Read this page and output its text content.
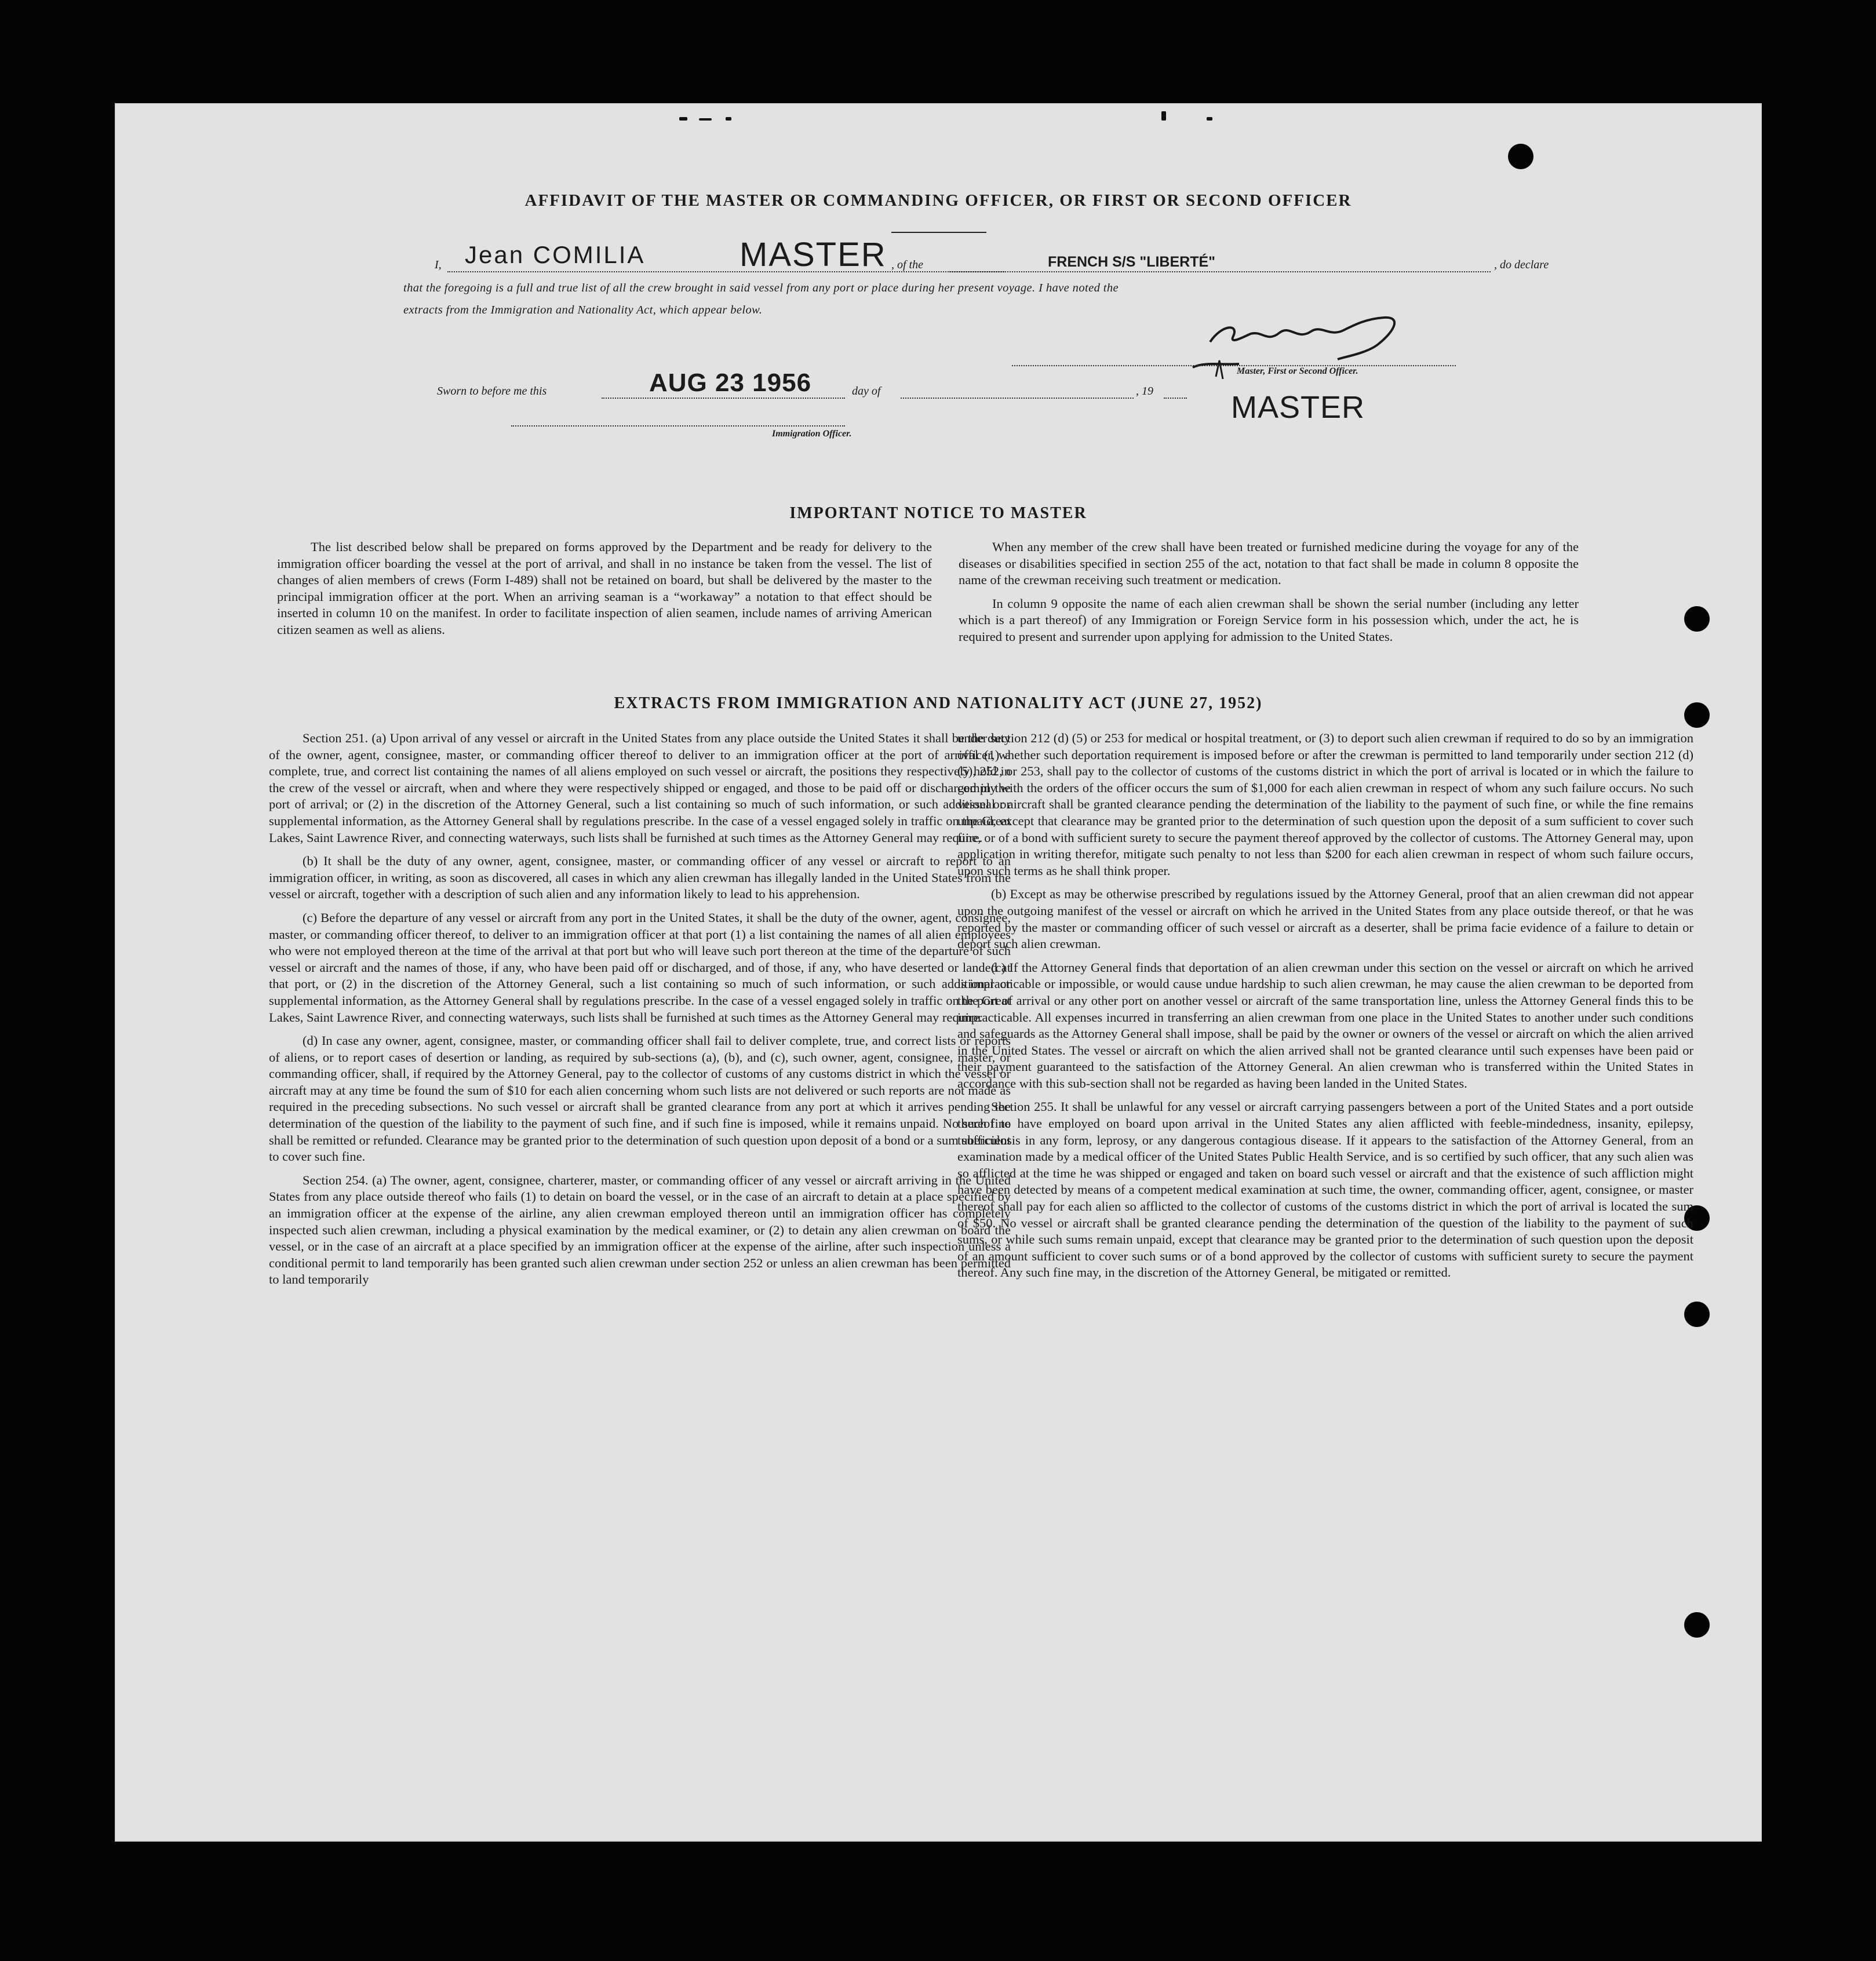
AFFIDAVIT OF THE MASTER OR COMMANDING OFFICER, OR FIRST OR SECOND OFFICER
I, Jean COMILIA	MASTER , of the	FRENCH S/S "LIBERTÉ"	, do declare
that the foregoing is a full and true list of all the crew brought in said vessel from any port or place during her present voyage. I have noted the
extracts from the Immigration and Nationality Act, which appear below.
Master, First or Second Officer.
Sworn to before me this	AUG 23 1956	day of	, 19 MASTER
Immigration Officer.
IMPORTANT NOTICE TO MASTER

The list described below shall be prepared on forms approved by the Department and be ready for delivery to the immigration officer boarding the vessel at the port of arrival, and shall in no instance be taken from the vessel. The list of changes of alien members of crews (Form I-489) shall not be retained on board, but shall be delivered by the master to the principal immigration officer at the port. When an arriving seaman is a “workaway” a notation to that effect should be inserted in column 10 on the manifest. In order to facilitate inspection of alien seamen, include names of arriving American citizen seamen as well as aliens.

When any member of the crew shall have been treated or furnished medicine during the voyage for any of the diseases or disabilities specified in section 255 of the act, notation to that fact shall be made in column 8 opposite the name of the crewman receiving such treatment or medication.

In column 9 opposite the name of each alien crewman shall be shown the serial number (including any letter which is a part thereof) of any Immigration or Foreign Service form in his possession which, under the act, he is required to present and surrender upon applying for admission to the United States.

EXTRACTS FROM IMMIGRATION AND NATIONALITY ACT (JUNE 27, 1952)

Section 251. (a) Upon arrival of any vessel or aircraft in the United States from any place outside the United States it shall be the duty of the owner, agent, consignee, master, or commanding officer thereof to deliver to an immigration officer at the port of arrival (1) a complete, true, and correct list containing the names of all aliens employed on such vessel or aircraft, the positions they respectively hold in the crew of the vessel or aircraft, when and where they were respectively shipped or engaged, and those to be paid off or discharged in the port of arrival; or (2) in the discretion of the Attorney General, such a list containing so much of such information, or such additional or supplemental information, as the Attorney General shall by regulations prescribe. In the case of a vessel engaged solely in traffic on the Great Lakes, Saint Lawrence River, and connecting waterways, such lists shall be furnished at such times as the Attorney General may require.

(b) It shall be the duty of any owner, agent, consignee, master, or commanding officer of any vessel or aircraft to report to an immigration officer, in writing, as soon as discovered, all cases in which any alien crewman has illegally landed in the United States from the vessel or aircraft, together with a description of such alien and any information likely to lead to his apprehension.

(c) Before the departure of any vessel or aircraft from any port in the United States, it shall be the duty of the owner, agent, consignee, master, or commanding officer thereof, to deliver to an immigration officer at that port (1) a list containing the names of all alien employees who were not employed thereon at the time of the arrival at that port but who will leave such port thereon at the time of the departure of such vessel or aircraft and the names of those, if any, who have been paid off or discharged, and of those, if any, who have deserted or landed at that port, or (2) in the discretion of the Attorney General, such a list containing so much of such information, or such additional or supplemental information, as the Attorney General shall by regulations prescribe. In the case of a vessel engaged solely in traffic on the Great Lakes, Saint Lawrence River, and connecting waterways, such lists shall be furnished at such times as the Attorney General may require.

(d) In case any owner, agent, consignee, master, or commanding officer shall fail to deliver complete, true, and correct lists or reports of aliens, or to report cases of desertion or landing, as required by sub-sections (a), (b), and (c), such owner, agent, consignee, master, or commanding officer, shall, if required by the Attorney General, pay to the collector of customs of any customs district in which the vessel or aircraft may at any time be found the sum of $10 for each alien concerning whom such lists are not delivered or such reports are not made as required in the preceding subsections. No such vessel or aircraft shall be granted clearance from any port at which it arrives pending the determination of the question of the liability to the payment of such fine, and if such fine is imposed, while it remains unpaid. No such fine shall be remitted or refunded. Clearance may be granted prior to the determination of such question upon deposit of a bond or a sum sufficient to cover such fine.

Section 254. (a) The owner, agent, consignee, charterer, master, or commanding officer of any vessel or aircraft arriving in the United States from any place outside thereof who fails (1) to detain on board the vessel, or in the case of an aircraft to detain at a place specified by an immigration officer at the expense of the airline, any alien crewman employed thereon until an immigration officer has completely inspected such alien crewman, including a physical examination by the medical examiner, or (2) to detain any alien crewman on board the vessel, or in the case of an aircraft at a place specified by an immigration officer at the expense of the airline, after such inspection unless a conditional permit to land temporarily has been granted such alien crewman under section 252 or unless an alien crewman has been permitted to land temporarily

under section 212 (d) (5) or 253 for medical or hospital treatment, or (3) to deport such alien crewman if required to do so by an immigration officer, whether such deportation requirement is imposed before or after the crewman is permitted to land temporarily under section 212 (d) (5), 252, or 253, shall pay to the collector of customs of the customs district in which the port of arrival is located or in which the failure to comply with the orders of the officer occurs the sum of $1,000 for each alien crewman in respect of whom any such failure occurs. No such vessel or aircraft shall be granted clearance pending the determination of the liability to the payment of such fine, or while the fine remains unpaid, except that clearance may be granted prior to the determination of such question upon the deposit of a sum sufficient to cover such fine, or of a bond with sufficient surety to secure the payment thereof approved by the collector of customs. The Attorney General may, upon application in writing therefor, mitigate such penalty to not less than $200 for each alien crewman in respect of whom such failure occurs, upon such terms as he shall think proper.

(b) Except as may be otherwise prescribed by regulations issued by the Attorney General, proof that an alien crewman did not appear upon the outgoing manifest of the vessel or aircraft on which he arrived in the United States from any place outside thereof, or that he was reported by the master or commanding officer of such vessel or aircraft as a deserter, shall be prima facie evidence of a failure to detain or deport such alien crewman.

(c) If the Attorney General finds that deportation of an alien crewman under this section on the vessel or aircraft on which he arrived is impracticable or impossible, or would cause undue hardship to such alien crewman, he may cause the alien crewman to be deported from the port of arrival or any other port on another vessel or aircraft of the same transportation line, unless the Attorney General finds this to be impracticable. All expenses incurred in transferring an alien crewman from one place in the United States to another under such conditions and safeguards as the Attorney General shall impose, shall be paid by the owner or owners of the vessel or aircraft on which the alien arrived in the United States. The vessel or aircraft on which the alien arrived shall not be granted clearance until such expenses have been paid or their payment guaranteed to the satisfaction of the Attorney General. An alien crewman who is transferred within the United States in accordance with this sub-section shall not be regarded as having been landed in the United States.

Section 255. It shall be unlawful for any vessel or aircraft carrying passengers between a port of the United States and a port outside thereof to have employed on board upon arrival in the United States any alien afflicted with feeble-mindedness, insanity, epilepsy, tuberculosis in any form, leprosy, or any dangerous contagious disease. If it appears to the satisfaction of the Attorney General, from an examination made by a medical officer of the United States Public Health Service, and is so certified by such officer, that any such alien was so afflicted at the time he was shipped or engaged and taken on board such vessel or aircraft and that the existence of such affliction might have been detected by means of a competent medical examination at such time, the owner, commanding officer, agent, consignee, or master thereof shall pay for each alien so afflicted to the collector of customs of the customs district in which the port of arrival is located the sum of $50. No vessel or aircraft shall be granted clearance pending the determination of the question of the liability to the payment of such sums, or while such sums remain unpaid, except that clearance may be granted prior to the determination of such question upon the deposit of an amount sufficient to cover such sums or of a bond approved by the collector of customs with sufficient surety to secure the payment thereof. Any such fine may, in the discretion of the Attorney General, be mitigated or remitted.
